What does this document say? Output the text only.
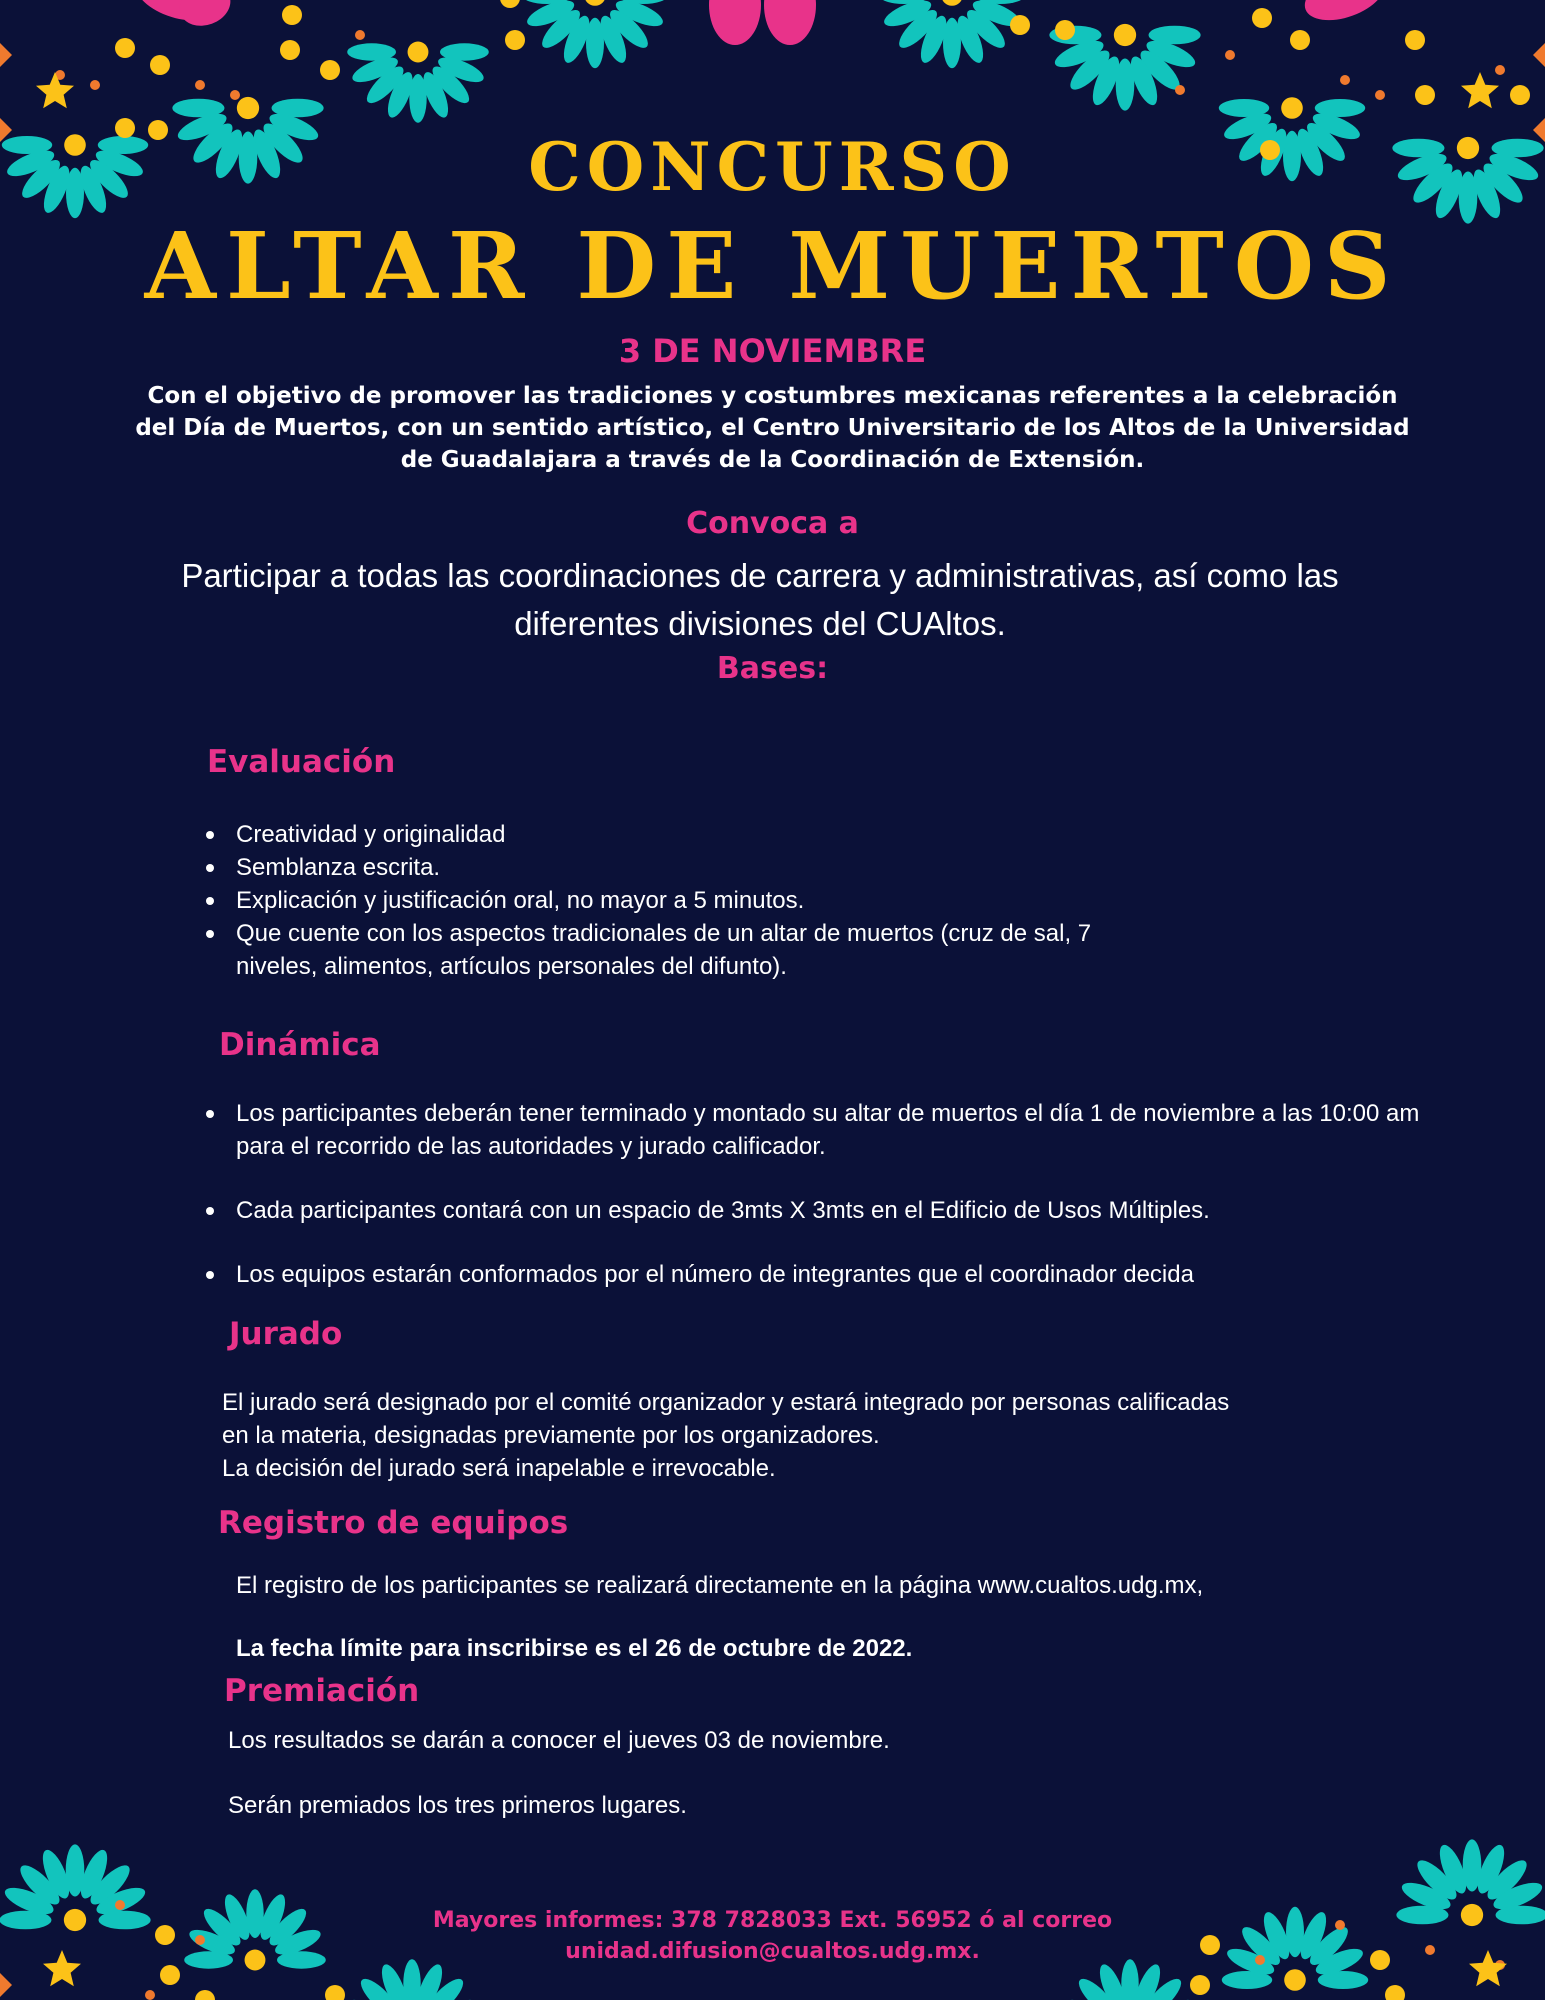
CONCURSO
ALTAR DE MUERTOS
3 DE NOVIEMBRE
Con el objetivo de promover las tradiciones y costumbres mexicanas referentes a la celebración del Día de Muertos, con un sentido artístico, el Centro Universitario de los Altos de la Universidad de Guadalajara a través de la Coordinación de Extensión.
Convoca a
Participar a todas las coordinaciones de carrera y administrativas, así como las diferentes divisiones del CUAltos.
Bases:
Evaluación
Creatividad y originalidad
Semblanza escrita.
Explicación y justificación oral, no mayor a 5 minutos.
Que cuente con los aspectos tradicionales de un altar de muertos (cruz de sal, 7 niveles, alimentos, artículos personales del difunto).
Dinámica
Los participantes deberán tener terminado y montado su altar de muertos el día 1 de noviembre a las 10:00 am para el recorrido de las autoridades y jurado calificador.
Cada participantes contará con un espacio de 3mts X 3mts en el Edificio de Usos Múltiples.
Los equipos estarán conformados por el número de integrantes que el coordinador decida
Jurado
El jurado será designado por el comité organizador y estará integrado por personas calificadas
en la materia, designadas previamente por los organizadores.
La decisión del jurado será inapelable e irrevocable.
Registro de equipos
El registro de los participantes se realizará directamente en la página www.cualtos.udg.mx,
La fecha límite para inscribirse es el 26 de octubre de 2022.
Premiación
Los resultados se darán a conocer el jueves 03 de noviembre.
Serán premiados los tres primeros lugares.
Mayores informes: 378 7828033 Ext. 56952 ó al correo
unidad.difusion@cualtos.udg.mx.
